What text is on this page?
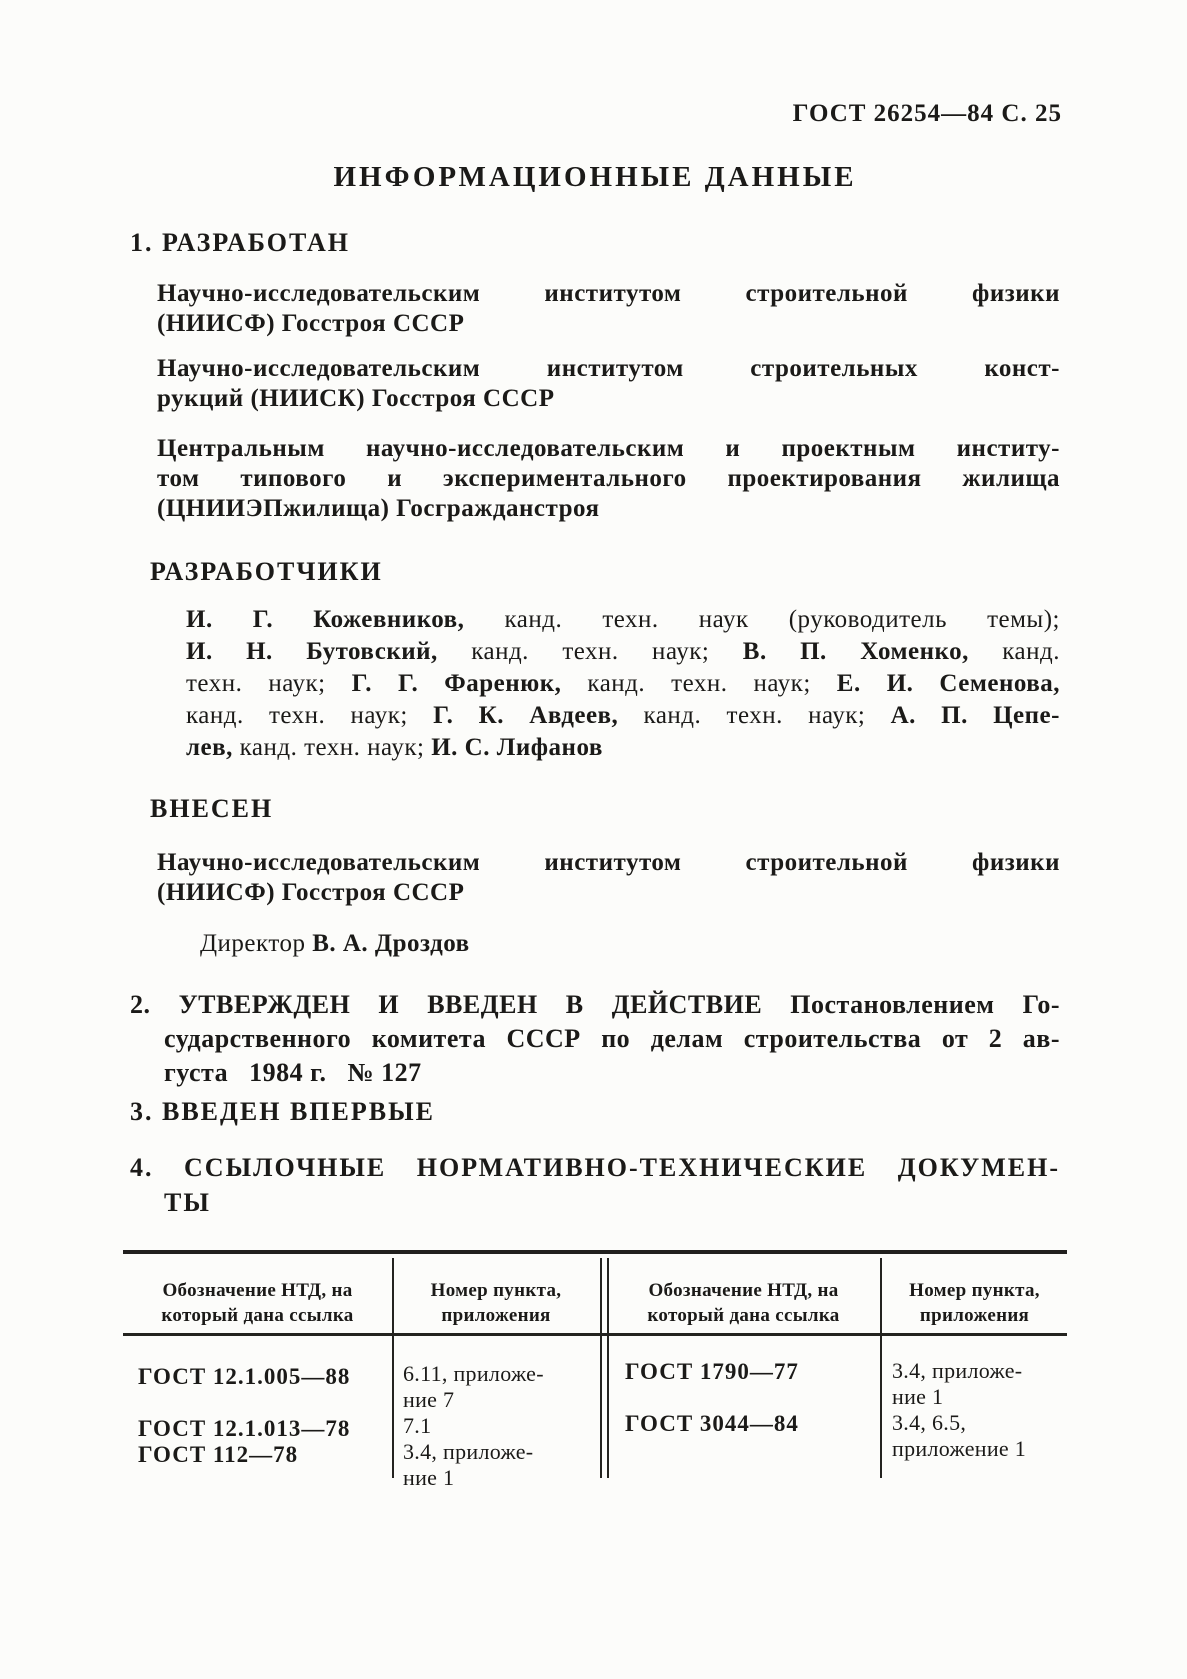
ГОСТ 26254—84 С. 25
ИНФОРМАЦИОННЫЕ ДАННЫЕ
1. РАЗРАБОТАН
Научно-исследовательским институтом строительной физики
(НИИСФ) Госстроя СССР
Научно-исследовательским институтом строительных конст-
рукций (НИИСК) Госстроя СССР
Центральным научно-исследовательским и проектным институ-
том типового и экспериментального проектирования жилища
(ЦНИИЭПжилища) Госгражданстроя
РАЗРАБОТЧИКИ
И. Г. Кожевников, канд. техн. наук (руководитель темы);
И. Н. Бутовский, канд. техн. наук; В. П. Хоменко, канд.
техн. наук; Г. Г. Фаренюк, канд. техн. наук; Е. И. Семенова,
канд. техн. наук; Г. К. Авдеев, канд. техн. наук; А. П. Цепе-
лев, канд. техн. наук; И. С. Лифанов
ВНЕСЕН
Научно-исследовательским институтом строительной физики
(НИИСФ) Госстроя СССР
Директор В. А. Дроздов
2. УТВЕРЖДЕН И ВВЕДЕН В ДЕЙСТВИЕ Постановлением Го-
сударственного комитета СССР по делам строительства от 2 ав-
густа   1984 г.   № 127
3. ВВЕДЕН ВПЕРВЫЕ
4. ССЫЛОЧНЫЕ НОРМАТИВНО-ТЕХНИЧЕСКИЕ ДОКУМЕН-
ТЫ
Обозначение НТД, на
который дана ссылка
Номер пункта,
приложения
Обозначение НТД, на
который дана ссылка
Номер пункта,
приложения
ГОСТ 12.1.005—88

ГОСТ 12.1.013—78
ГОСТ 112—78
6.11, приложе-
ние 7
7.1
3.4, приложе-
ние 1
ГОСТ 1790—77

ГОСТ 3044—84
3.4, приложе-
ние 1
3.4, 6.5,
приложение 1
